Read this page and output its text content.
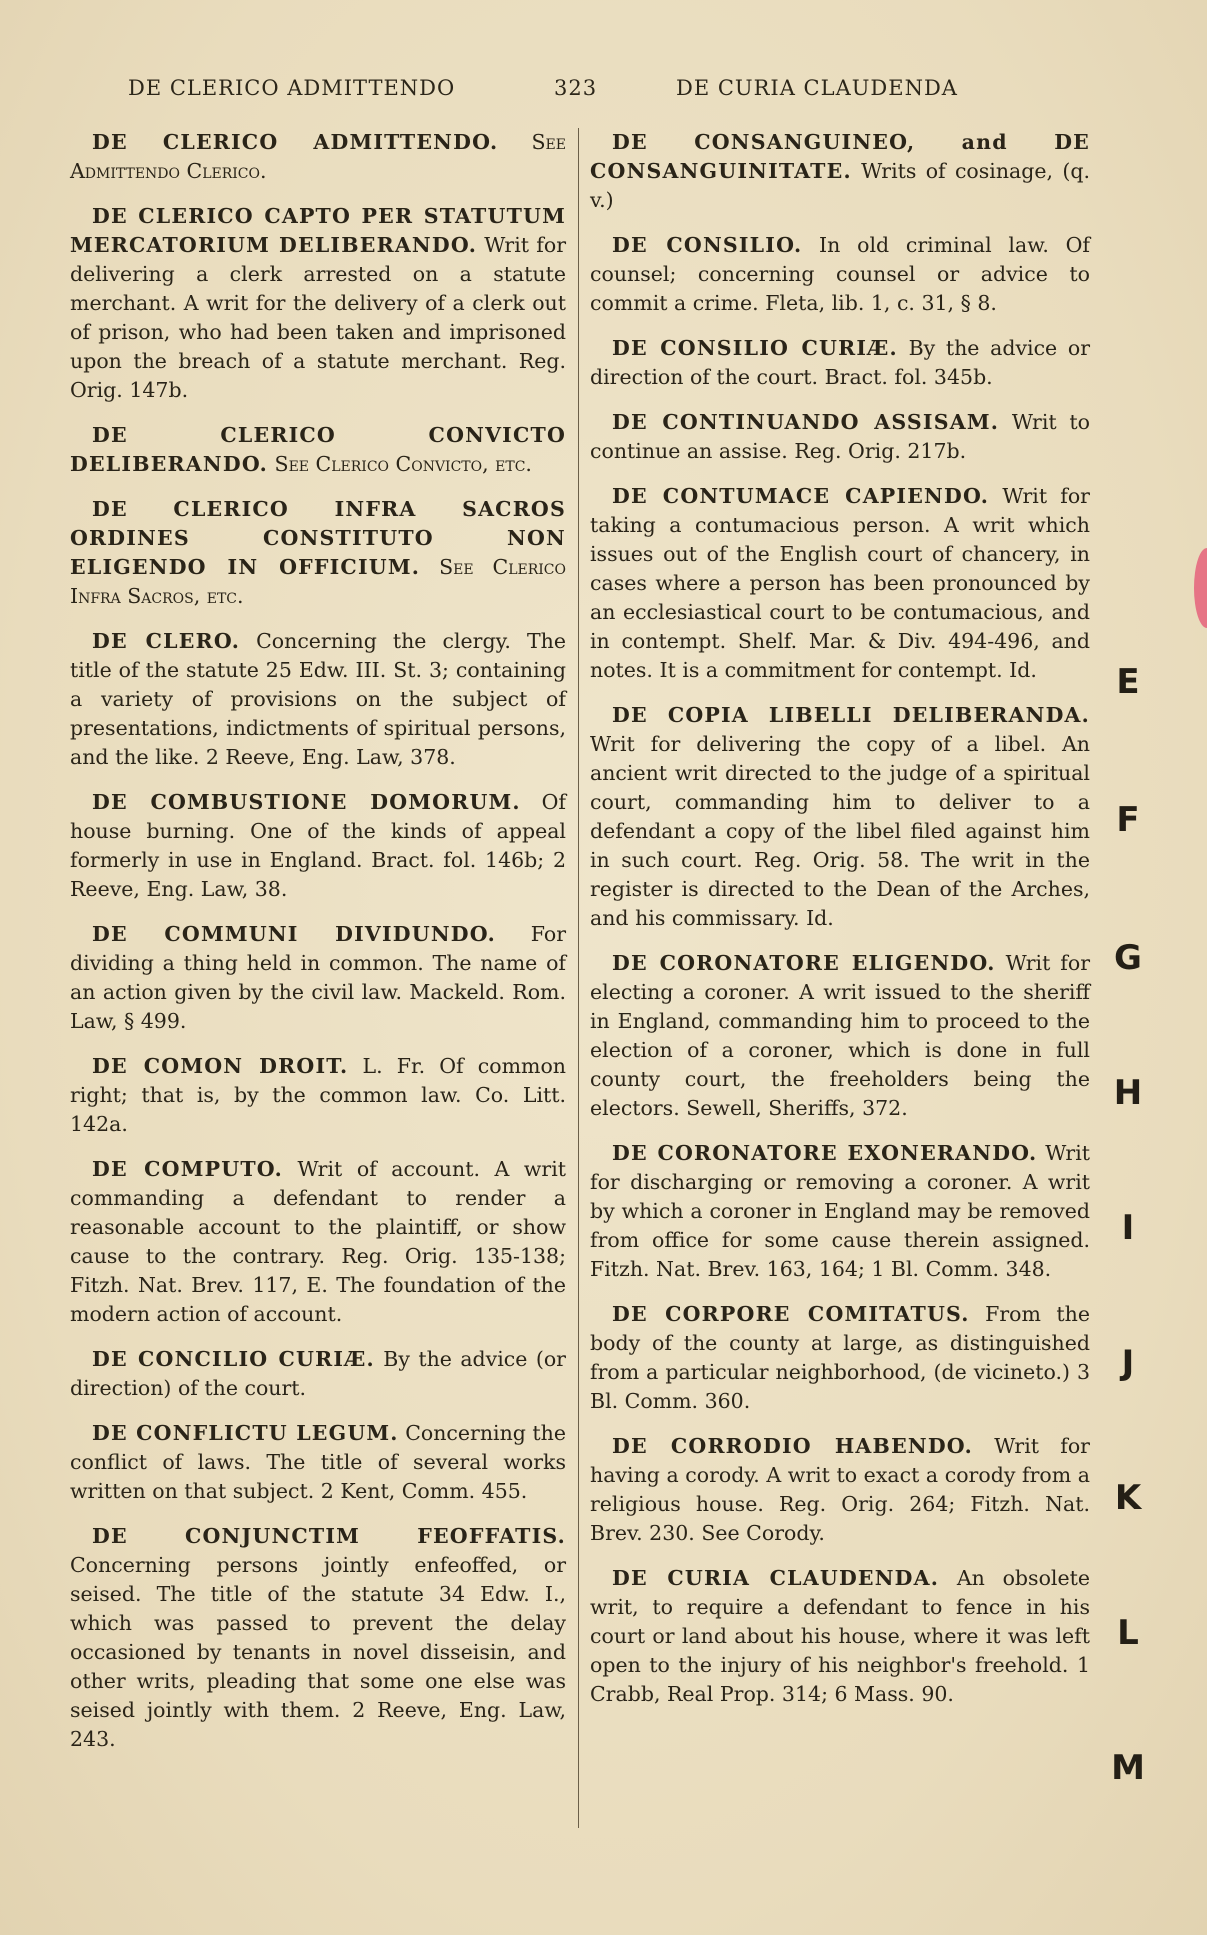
DE CLERICO ADMITTENDO	323	DE CURIA CLAUDENDA

DE CLERICO ADMITTENDO. See Admittendo Clerico.

DE CLERICO CAPTO PER STATUTUM MERCATORIUM DELIBERANDO. Writ for delivering a clerk arrested on a statute merchant. A writ for the delivery of a clerk out of prison, who had been taken and imprisoned upon the breach of a statute merchant. Reg. Orig. 147b.

DE CLERICO CONVICTO DELIBERANDO. See Clerico Convicto, etc.

DE CLERICO INFRA SACROS ORDINES CONSTITUTO NON ELIGENDO IN OFFICIUM. See Clerico Infra Sacros, etc.

DE CLERO. Concerning the clergy. The title of the statute 25 Edw. III. St. 3; containing a variety of provisions on the subject of presentations, indictments of spiritual persons, and the like. 2 Reeve, Eng. Law, 378.

DE COMBUSTIONE DOMORUM. Of house burning. One of the kinds of appeal formerly in use in England. Bract. fol. 146b; 2 Reeve, Eng. Law, 38.

DE COMMUNI DIVIDUNDO. For dividing a thing held in common. The name of an action given by the civil law. Mackeld. Rom. Law, § 499.

DE COMON DROIT. L. Fr. Of common right; that is, by the common law. Co. Litt. 142a.

DE COMPUTO. Writ of account. A writ commanding a defendant to render a reasonable account to the plaintiff, or show cause to the contrary. Reg. Orig. 135-138; Fitzh. Nat. Brev. 117, E. The foundation of the modern action of account.

DE CONCILIO CURIÆ. By the advice (or direction) of the court.

DE CONFLICTU LEGUM. Concerning the conflict of laws. The title of several works written on that subject. 2 Kent, Comm. 455.

DE CONJUNCTIM FEOFFATIS. Concerning persons jointly enfeoffed, or seised. The title of the statute 34 Edw. I., which was passed to prevent the delay occasioned by tenants in novel disseisin, and other writs, pleading that some one else was seised jointly with them. 2 Reeve, Eng. Law, 243.

DE CONSANGUINEO, and DE CONSANGUINITATE. Writs of cosinage, (q. v.)

DE CONSILIO. In old criminal law. Of counsel; concerning counsel or advice to commit a crime. Fleta, lib. 1, c. 31, § 8.

DE CONSILIO CURIÆ. By the advice or direction of the court. Bract. fol. 345b.

DE CONTINUANDO ASSISAM. Writ to continue an assise. Reg. Orig. 217b.

DE CONTUMACE CAPIENDO. Writ for taking a contumacious person. A writ which issues out of the English court of chancery, in cases where a person has been pronounced by an ecclesiastical court to be contumacious, and in contempt. Shelf. Mar. & Div. 494-496, and notes. It is a commitment for contempt. Id.

DE COPIA LIBELLI DELIBERANDA. Writ for delivering the copy of a libel. An ancient writ directed to the judge of a spiritual court, commanding him to deliver to a defendant a copy of the libel filed against him in such court. Reg. Orig. 58. The writ in the register is directed to the Dean of the Arches, and his commissary. Id.

DE CORONATORE ELIGENDO. Writ for electing a coroner. A writ issued to the sheriff in England, commanding him to proceed to the election of a coroner, which is done in full county court, the freeholders being the electors. Sewell, Sheriffs, 372.

DE CORONATORE EXONERANDO. Writ for discharging or removing a coroner. A writ by which a coroner in England may be removed from office for some cause therein assigned. Fitzh. Nat. Brev. 163, 164; 1 Bl. Comm. 348.

DE CORPORE COMITATUS. From the body of the county at large, as distinguished from a particular neighborhood, (de vicineto.) 3 Bl. Comm. 360.

DE CORRODIO HABENDO. Writ for having a corody. A writ to exact a corody from a religious house. Reg. Orig. 264; Fitzh. Nat. Brev. 230. See Corody.

DE CURIA CLAUDENDA. An obsolete writ, to require a defendant to fence in his court or land about his house, where it was left open to the injury of his neighbor's freehold. 1 Crabb, Real Prop. 314; 6 Mass. 90.

E
F
G
H
I
J
K
L
M
